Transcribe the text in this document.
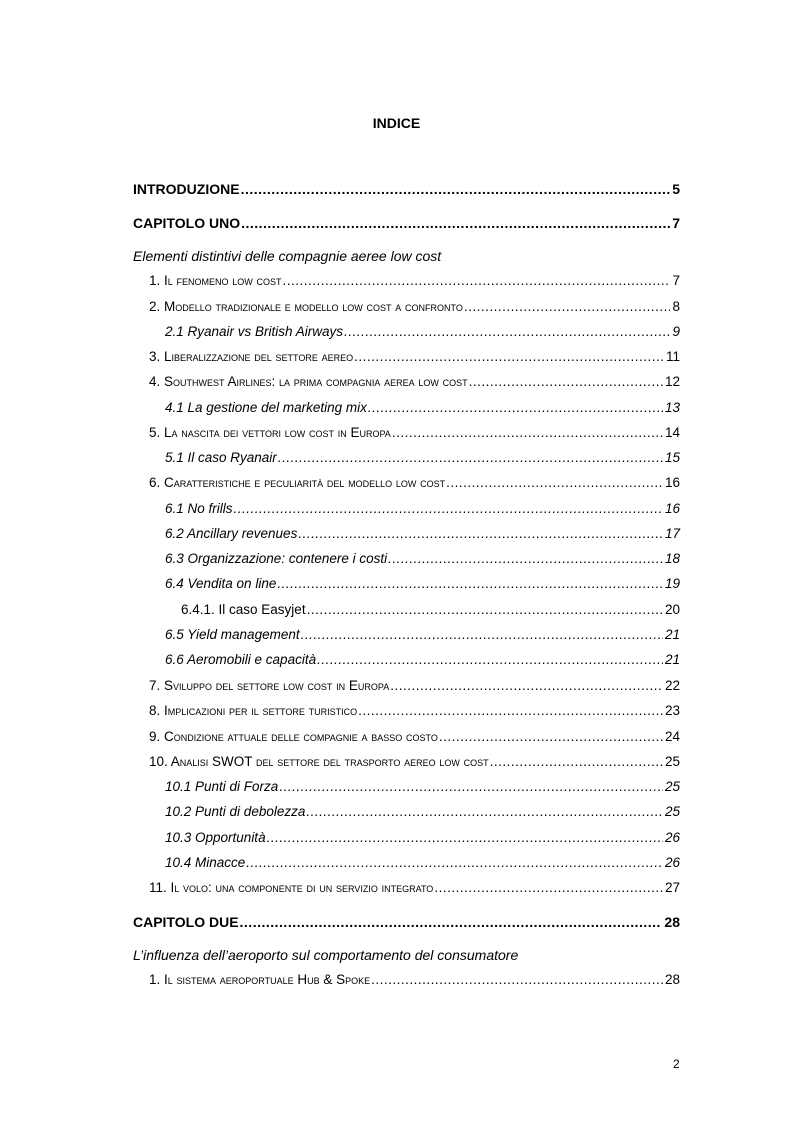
INDICE
INTRODUZIONE .....	5
CAPITOLO UNO .....	7
Elementi distintivi delle compagnie aeree low cost
1. Il fenomeno low cost .....	7
2. Modello tradizionale e modello low cost a confronto .....	8
2.1 Ryanair vs British Airways .....	9
3. Liberalizzazione del settore aereo .....	11
4. Southwest Airlines: la prima compagnia aerea low cost .....	12
4.1 La gestione del marketing mix .....	13
5. La nascita dei vettori low cost in Europa .....	14
5.1 Il caso Ryanair .....	15
6. Caratteristiche e peculiarità del modello low cost .....	16
6.1 No frills .....	16
6.2 Ancillary revenues .....	17
6.3 Organizzazione: contenere i costi .....	18
6.4 Vendita on line .....	19
6.4.1. Il caso Easyjet .....	20
6.5 Yield management .....	21
6.6 Aeromobili e capacità .....	21
7. Sviluppo del settore low cost in Europa .....	22
8. Implicazioni per il settore turistico .....	23
9. Condizione attuale delle compagnie a basso costo .....	24
10. Analisi SWOT del settore del trasporto aereo low cost .....	25
10.1 Punti di Forza .....	25
10.2 Punti di debolezza .....	25
10.3 Opportunità .....	26
10.4 Minacce .....	26
11. Il volo: una componente di un servizio integrato .....	27
CAPITOLO DUE .....	28
L’influenza dell’aeroporto sul comportamento del consumatore
1. Il sistema aeroportuale Hub & Spoke .....	28
2
